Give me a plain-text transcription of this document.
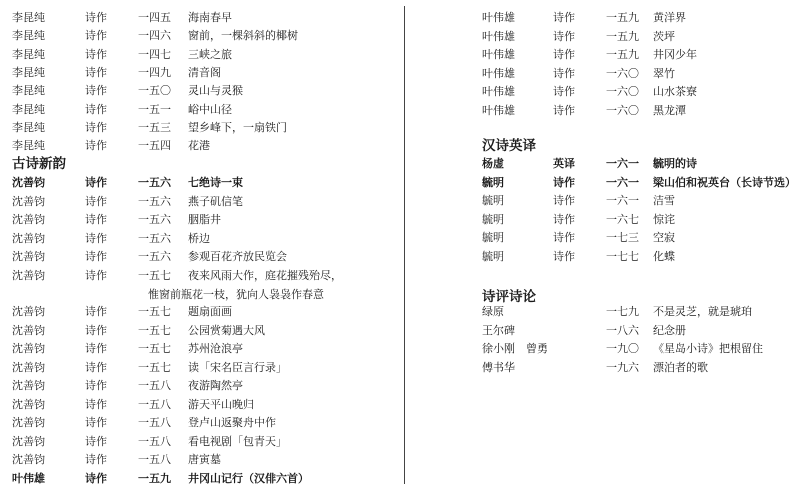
李昆纯	诗作	一四五 海南春早
李昆纯	诗作	一四六 窗前，一棵斜斜的椰树
李昆纯	诗作	一四七 三峡之旅
李昆纯	诗作	一四九 清音阁
李昆纯	诗作	一五〇 灵山与灵猴
李昆纯	诗作	一五一 峪中山径
李昆纯	诗作	一五三 望乡峰下，一扇铁门
李昆纯	诗作	一五四 花港
古诗新韵
沈善钧	诗作	一五六 七绝诗一束
沈善钧	诗作	一五六 燕子矶信笔
沈善钧	诗作	一五六 胭脂井
沈善钧	诗作	一五六 桥边
沈善钧	诗作	一五六 参观百花齐放民览会
沈善钧	诗作	一五七 夜来风雨大作，庭花摧残殆尽，
惟窗前瓶花一枝，犹向人袅袅作春意
沈善钧	诗作	一五七 题扇面画
沈善钧	诗作	一五七 公园赏菊遇大风
沈善钧	诗作	一五七 苏州沧浪亭
沈善钧	诗作	一五七 读「宋名臣言行录」
沈善钧	诗作	一五八 夜游陶然亭
沈善钧	诗作	一五八 游天平山晚归
沈善钧	诗作	一五八 登卢山返聚舟中作
沈善钧	诗作	一五八 看电视剧「包青天」
沈善钧	诗作	一五八 唐寅墓
叶伟雄	诗作	一五九 井冈山记行（汉俳六首）
叶伟雄	诗作	一五九 黄洋界
叶伟雄	诗作	一五九 茨坪
叶伟雄	诗作	一五九 井冈少年
叶伟雄	诗作	一六〇 翠竹
叶伟雄	诗作	一六〇 山水茶寮
叶伟雄	诗作	一六〇 黑龙潭
汉诗英译
杨虚	英译	一六一 毓明的诗
毓明	诗作	一六一 梁山伯和祝英台（长诗节选）
毓明	诗作	一六一 洁雪
毓明	诗作	一六七 惊诧
毓明	诗作	一七三 空寂
毓明	诗作	一七七 化蝶
诗评诗论
绿原	一七九 不是灵芝，就是琥珀
王尔碑	一八六 纪念册
徐小刚　曾勇	一九〇 《星岛小诗》把根留住
傅书华	一九六 漂泊者的歌
